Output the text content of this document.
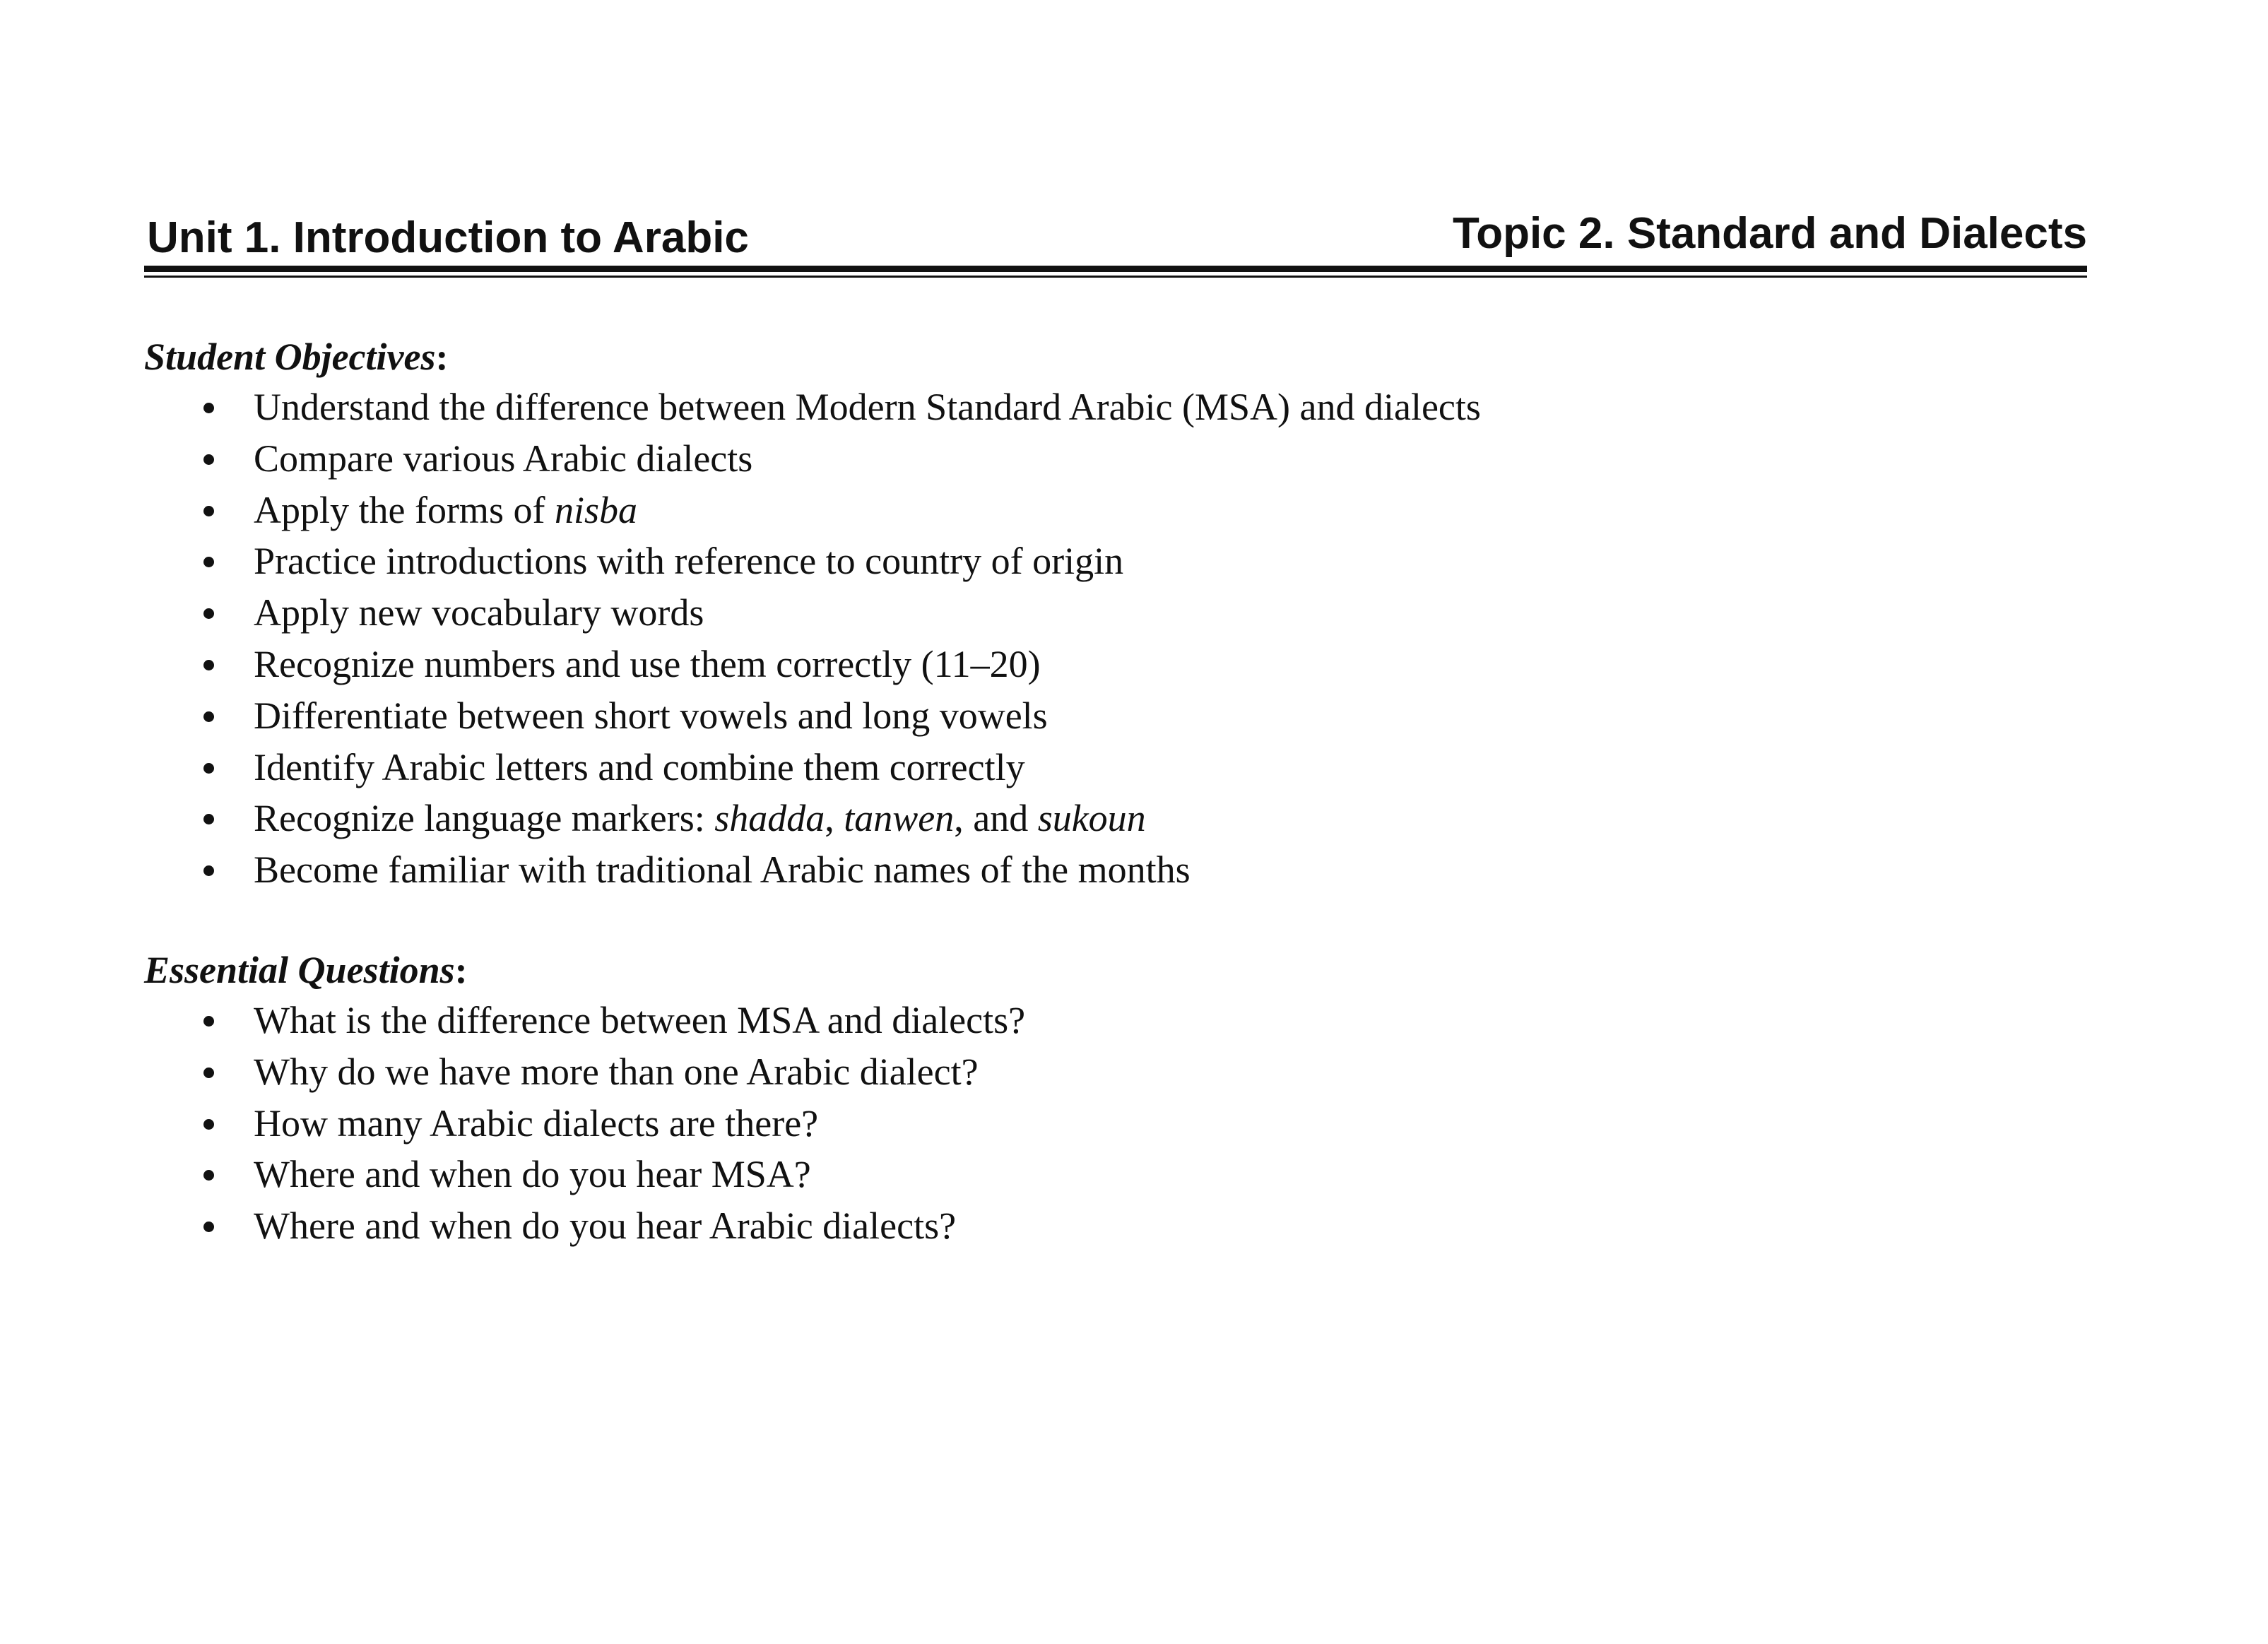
Unit 1. Introduction to Arabic	Topic 2. Standard and Dialects
Student Objectives:
Understand the difference between Modern Standard Arabic (MSA) and dialects
Compare various Arabic dialects
Apply the forms of nisba
Practice introductions with reference to country of origin
Apply new vocabulary words
Recognize numbers and use them correctly (11–20)
Differentiate between short vowels and long vowels
Identify Arabic letters and combine them correctly
Recognize language markers: shadda, tanwen, and sukoun
Become familiar with traditional Arabic names of the months
Essential Questions:
What is the difference between MSA and dialects?
Why do we have more than one Arabic dialect?
How many Arabic dialects are there?
Where and when do you hear MSA?
Where and when do you hear Arabic dialects?
